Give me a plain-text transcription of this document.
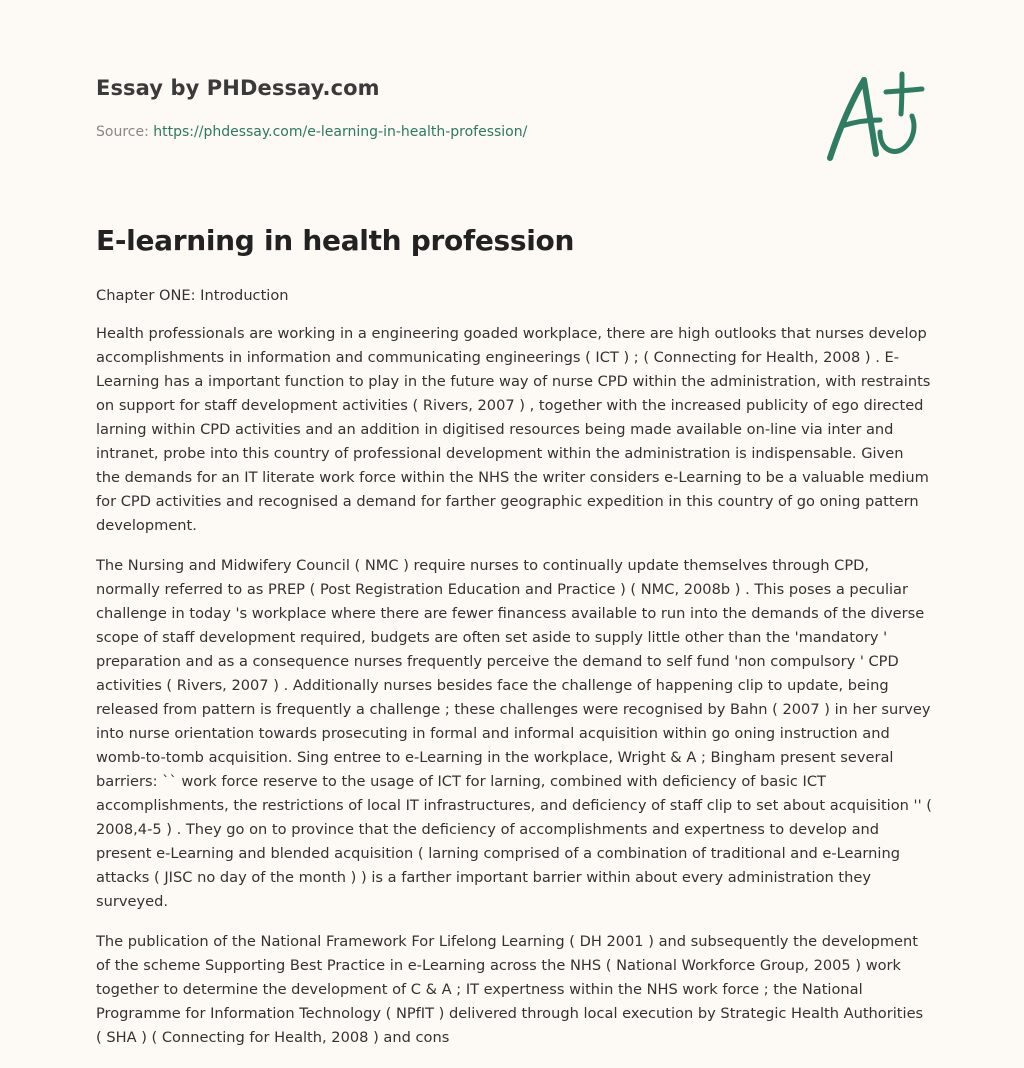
Essay by PHDessay.com

Source: https://phdessay.com/e-learning-in-health-profession/

E-learning in health profession

Chapter ONE: Introduction

Health professionals are working in a engineering goaded workplace, there are high outlooks that nurses develop accomplishments in information and communicating engineerings ( ICT ) ; ( Connecting for Health, 2008 ) . E-Learning has a important function to play in the future way of nurse CPD within the administration, with restraints on support for staff development activities ( Rivers, 2007 ) , together with the increased publicity of ego directed larning within CPD activities and an addition in digitised resources being made available on-line via inter and intranet, probe into this country of professional development within the administration is indispensable. Given the demands for an IT literate work force within the NHS the writer considers e-Learning to be a valuable medium for CPD activities and recognised a demand for farther geographic expedition in this country of go oning pattern development.

The Nursing and Midwifery Council ( NMC ) require nurses to continually update themselves through CPD, normally referred to as PREP ( Post Registration Education and Practice ) ( NMC, 2008b ) . This poses a peculiar challenge in today 's workplace where there are fewer financess available to run into the demands of the diverse scope of staff development required, budgets are often set aside to supply little other than the 'mandatory ' preparation and as a consequence nurses frequently perceive the demand to self fund 'non compulsory ' CPD activities ( Rivers, 2007 ) . Additionally nurses besides face the challenge of happening clip to update, being released from pattern is frequently a challenge ; these challenges were recognised by Bahn ( 2007 ) in her survey into nurse orientation towards prosecuting in formal and informal acquisition within go oning instruction and womb-to-tomb acquisition. Sing entree to e-Learning in the workplace, Wright & A ; Bingham present several barriers: `` work force reserve to the usage of ICT for larning, combined with deficiency of basic ICT accomplishments, the restrictions of local IT infrastructures, and deficiency of staff clip to set about acquisition '' ( 2008,4-5 ) . They go on to province that the deficiency of accomplishments and expertness to develop and present e-Learning and blended acquisition ( larning comprised of a combination of traditional and e-Learning attacks ( JISC no day of the month ) ) is a farther important barrier within about every administration they surveyed.

The publication of the National Framework For Lifelong Learning ( DH 2001 ) and subsequently the development of the scheme Supporting Best Practice in e-Learning across the NHS ( National Workforce Group, 2005 ) work together to determine the development of C & A ; IT expertness within the NHS work force ; the National Programme for Information Technology ( NPfIT ) delivered through local execution by Strategic Health Authorities ( SHA ) ( Connecting for Health, 2008 ) and cons
